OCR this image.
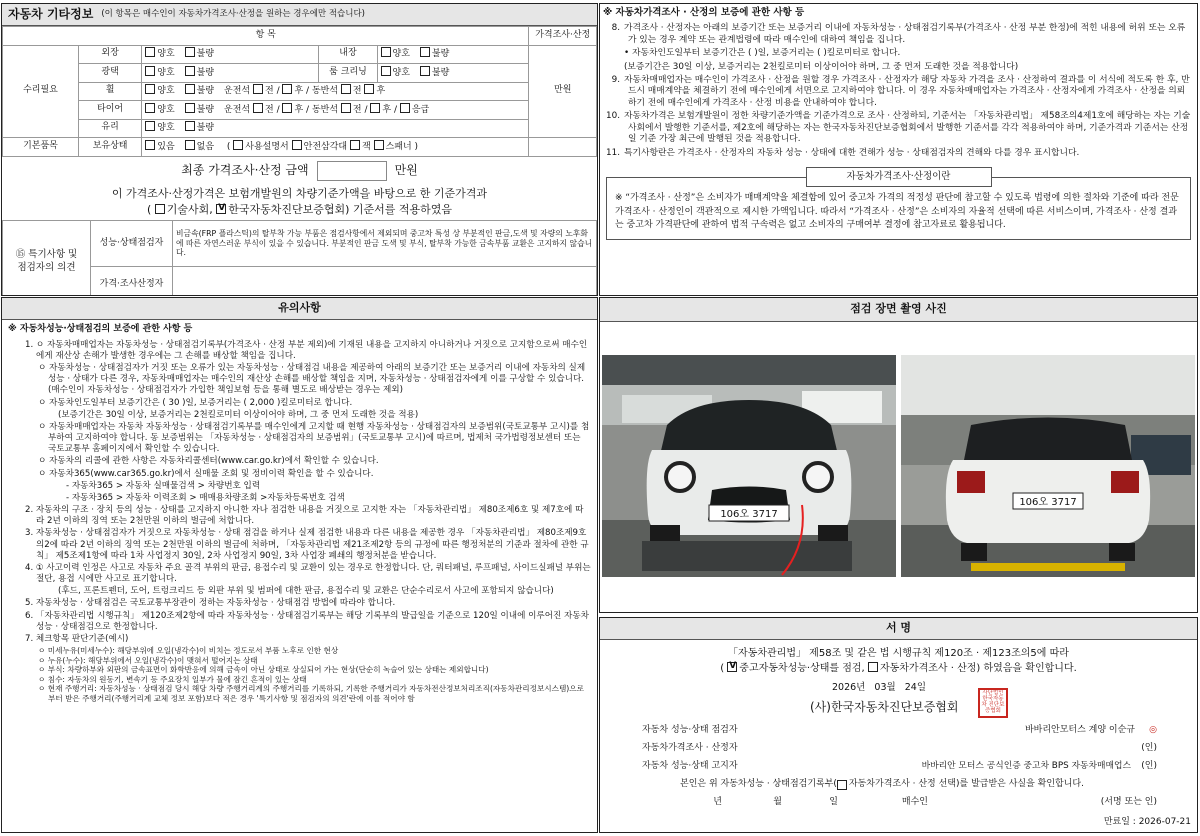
자동차 기타정보 (이 항목은 매수인이 자동차가격조사·산정을 원하는 경우에만 적습니다)
항 목					가격조사·산정
수리필요	외장	양호 불량	내장	양호 불량	만원
	광택	양호 불량	룸 크리닝	양호 불량	
	휠	양호 불량 운전석 전 / 후 / 동반석 전 후			
	타이어	양호 불량 운전석 전 / 후 / 동반석 전 / 후 / 응급			
	유리	양호 불량			
기본품목	보유상태	있음 없음 ( 사용설명서 안전삼각대 잭 스패너 )			
최종 가격조사·산정 금액	만원
이 가격조사·산정가격은 보험개발원의 차량기준가액을 바탕으로 한 기준가격과
( 기술사회, V 한국자동차진단보증협회) 기준서를 적용하였음
⑮ 특기사항 및
점검자의 의견	성능·상태점검자	비금속(FRP 플라스틱)의 탈부착 가능 부품은 점검사항에서 제외되며 중고차 특성 상 부분적인 판금,도색 및 자량의 노후화에 따른 자연스러운 부식이 있을 수 있습니다. 부분적인 판금 도색 및 부식, 탈부착 가능한 금속부품 교환은 고지하지 않습니다.
	가격·조사산정자	
※ 자동차가격조사 · 산정의 보증에 관한 사항 등
8. 가격조사 · 산정자는 아래의 보증기간 또는 보증거리 이내에 자동차성능 · 상태점검기록부(가격조사 · 산정 부분 한정)에 적힌 내용에 허위 또는 오류가 있는 경우 계약 또는 관계법령에 따라 매수인에 대하여 책임을 집니다.
• 자동차인도일부터 보증기간은 ( )일, 보증거리는 ( )킬로미터로 합니다.
(보증기간은 30일 이상, 보증거리는 2천킬로미터 이상이어야 하며, 그 중 먼저 도래한 것을 적용합니다)
9. 자동차매매업자는 매수인이 가격조사 · 산정을 원할 경우 가격조사 · 산정자가 해당 자동차 가격을 조사 · 산정하여 결과를 이 서식에 적도록 한 후, 반드시 매매계약을 체결하기 전에 매수인에게 서면으로 고지하여야 합니다. 이 경우 자동차매매업자는 가격조사 · 산정자에게 가격조사 · 산정을 의뢰하기 전에 매수인에게 가격조사 · 산정 비용을 안내하여야 합니다.
10. 자동차가격은 보험개발원이 정한 차량기준가액을 기준가격으로 조사 · 산정하되, 기준서는 「자동차관리법」 제58조의4제1호에 해당하는 자는 기술사회에서 발행한 기준서를, 제2호에 해당하는 자는 한국자동차진단보증협회에서 발행한 기준서를 각각 적용하여야 하며, 기준가격과 기준서는 산정일 기준 가장 최근에 발행된 것을 적용합니다.
11. 특기사항란은 가격조사 · 산정자의 자동차 성능 · 상태에 대한 견해가 성능 · 상태점검자의 견해와 다를 경우 표시합니다.
자동차가격조사·산정이란
※ “가격조사 · 산정”은 소비자가 매매계약을 체결함에 있어 중고차 가격의 적정성 판단에 참고할 수 있도록 법령에 의한 절차와 기준에 따라 전문 가격조사 · 산정인이 객관적으로 제시한 가액입니다. 따라서 “가격조사 · 산정”은 소비자의 자율적 선택에 따른 서비스이며, 가격조사 · 산정 결과는 중고차 가격판단에 관하여 법적 구속력은 없고 소비자의 구매여부 결정에 참고자료로 활용됩니다.
유의사항
※ 자동차성능·상태점검의 보증에 관한 사항 등
1. ㅇ 자동차매매업자는 자동차성능 · 상태점검기록부(가격조사 · 산정 부분 제외)에 기재된 내용을 고지하지 아니하거나 거짓으로 고지함으로써 매수인에게 재산상 손해가 발생한 경우에는 그 손해를 배상할 책임을 집니다.
ㅇ 자동차성능 · 상태점검자가 거짓 또는 오류가 있는 자동차성능 · 상태점검 내용을 제공하여 아래의 보증기간 또는 보증거리 이내에 자동차의 실제 성능 · 상태가 다른 경우, 자동차매매업자는 매수인의 재산상 손해를 배상할 책임을 지며, 자동차성능 · 상태점검자에게 이를 구상할 수 있습니다.(매수인이 자동차성능 · 상태점검자가 가입한 책임보험 등을 통해 별도로 배상받는 경우는 제외)
ㅇ 자동차인도일부터 보증기간은 ( 30 )일, 보증거리는 ( 2,000 )킬로미터로 합니다.
(보증기간은 30일 이상, 보증거리는 2천킬로미터 이상이어야 하며, 그 중 먼저 도래한 것을 적용)
ㅇ 자동차매매업자는 자동차 자동차성능 · 상태점검기록부를 매수인에게 고지할 때 현행 자동차성능 · 상태점검자의 보증범위(국토교통부 고시)를 첨부하여 고지하여야 합니다. 동 보증범위는 「자동차성능 · 상태점검자의 보증범위」(국토교통부 고시)에 따르며, 법제처 국가법령정보센터 또는 국토교통부 홈페이지에서 확인할 수 있습니다.
ㅇ 자동차의 리콜에 관한 사항은 자동차리콜센터(www.car.go.kr)에서 확인할 수 있습니다.
ㅇ 자동차365(www.car365.go.kr)에서 실매물 조회 및 정비이력 확인을 할 수 있습니다.
- 자동차365 > 자동차 실매물검색 > 차량번호 입력
- 자동차365 > 자동차 이력조회 > 매매용차량조회 >자동차등록번호 검색
2. 자동차의 구조 · 장치 등의 성능 · 상태를 고지하지 아니한 자나 점검한 내용을 거짓으로 고지한 자는 「자동차관리법」 제80조제6호 및 제7호에 따라 2년 이하의 징역 또는 2천만원 이하의 벌금에 처합니다.
3. 자동차성능 · 상태점검자가 거짓으로 자동차성능 · 상태 점검을 하거나 실제 점검한 내용과 다른 내용을 제공한 경우 「자동차관리법」 제80조제9호의2에 따라 2년 이하의 징역 또는 2천만원 이하의 벌금에 처하며, 「자동차관리법 제21조제2항 등의 규정에 따른 행정처분의 기준과 절차에 관한 규칙」 제5조제1항에 따라 1차 사업정지 30일, 2차 사업정지 90일, 3차 사업장 폐쇄의 행정처분을 받습니다.
4. ① 사고이력 인정은 사고로 자동차 주요 골격 부위의 판금, 용접수리 및 교환이 있는 경우로 한정합니다. 단, 쿼터패널, 루프패널, 사이드실패널 부위는 절단, 용접 시에만 사고로 표기합니다.
(후드, 프론트펜더, 도어, 트렁크리드 등 외판 부위 및 범퍼에 대한 판금, 용접수리 및 교환은 단순수리로서 사고에 포함되지 않습니다)
5. 자동차성능 · 상태점검은 국토교통부장관이 정하는 자동차성능 · 상태점검 방법에 따라야 합니다.
6. 「자동차관리법 시행규칙」 제120조제2항에 따라 자동차성능 · 상태점검기록부는 해당 기록부의 발급일을 기준으로 120일 이내에 이루어진 자동차 성능 · 상태점검으로 한정합니다.
7. 체크항목 판단기준(예시)
ㅇ 미세누유(미세누수): 해당부위에 오일(냉각수)이 비치는 정도로서 부품 노후로 인한 현상
ㅇ 누유(누수): 해당부위에서 오일(냉각수)이 맺혀서 떨어지는 상태
ㅇ 부식: 차량하부와 외판의 금속표면이 화학반응에 의해 금속이 아닌 상태로 상실되어 가는 현상(단순히 녹슬어 있는 상태는 제외합니다)
ㅇ 침수: 자동차의 원동기, 변속기 등 주요장치 일부가 물에 잠긴 흔적이 있는 상태
ㅇ 현재 주행거리: 자동차성능 · 상태점검 당시 해당 차량 주행거리계의 주행거리를 기록하되, 기록한 주행거리가 자동차전산정보처리조직(자동차관리정보시스템)으로부터 받은 주행거리(주행거리계 교체 정보 포함)보다 적은 경우 '특기사항 및 점검자의 의견'란에 이를 적어야 함
점검 장면 촬영 사진
106오 3717
106오 3717
서 명
「자동차관리법」 제58조 및 같은 법 시행규칙 제120조 · 제123조의5에 따라
( V중고자동차성능·상태를 점검, 자동차가격조사 · 산정) 하였음을 확인합니다.
2026년 03월 24일
(사)한국자동차진단보증협회
사단법인 한국자동차 진단보증협회
자동차 성능·상태 점검자	바바리안모터스 계양 이순규	◎
자동차가격조사 · 산정자	(인)
자동차 성능·상태 고지자	바바리안 모터스 공식인증 중고차 BPS 자동차매매업스	(인)
본인은 위 자동차성능 · 상태점검기록부( 자동차가격조사 · 산정 선택)를 발급받은 사실을 확인합니다.
년	월	일	매수인	(서명 또는 인)
만료일 : 2026-07-21
